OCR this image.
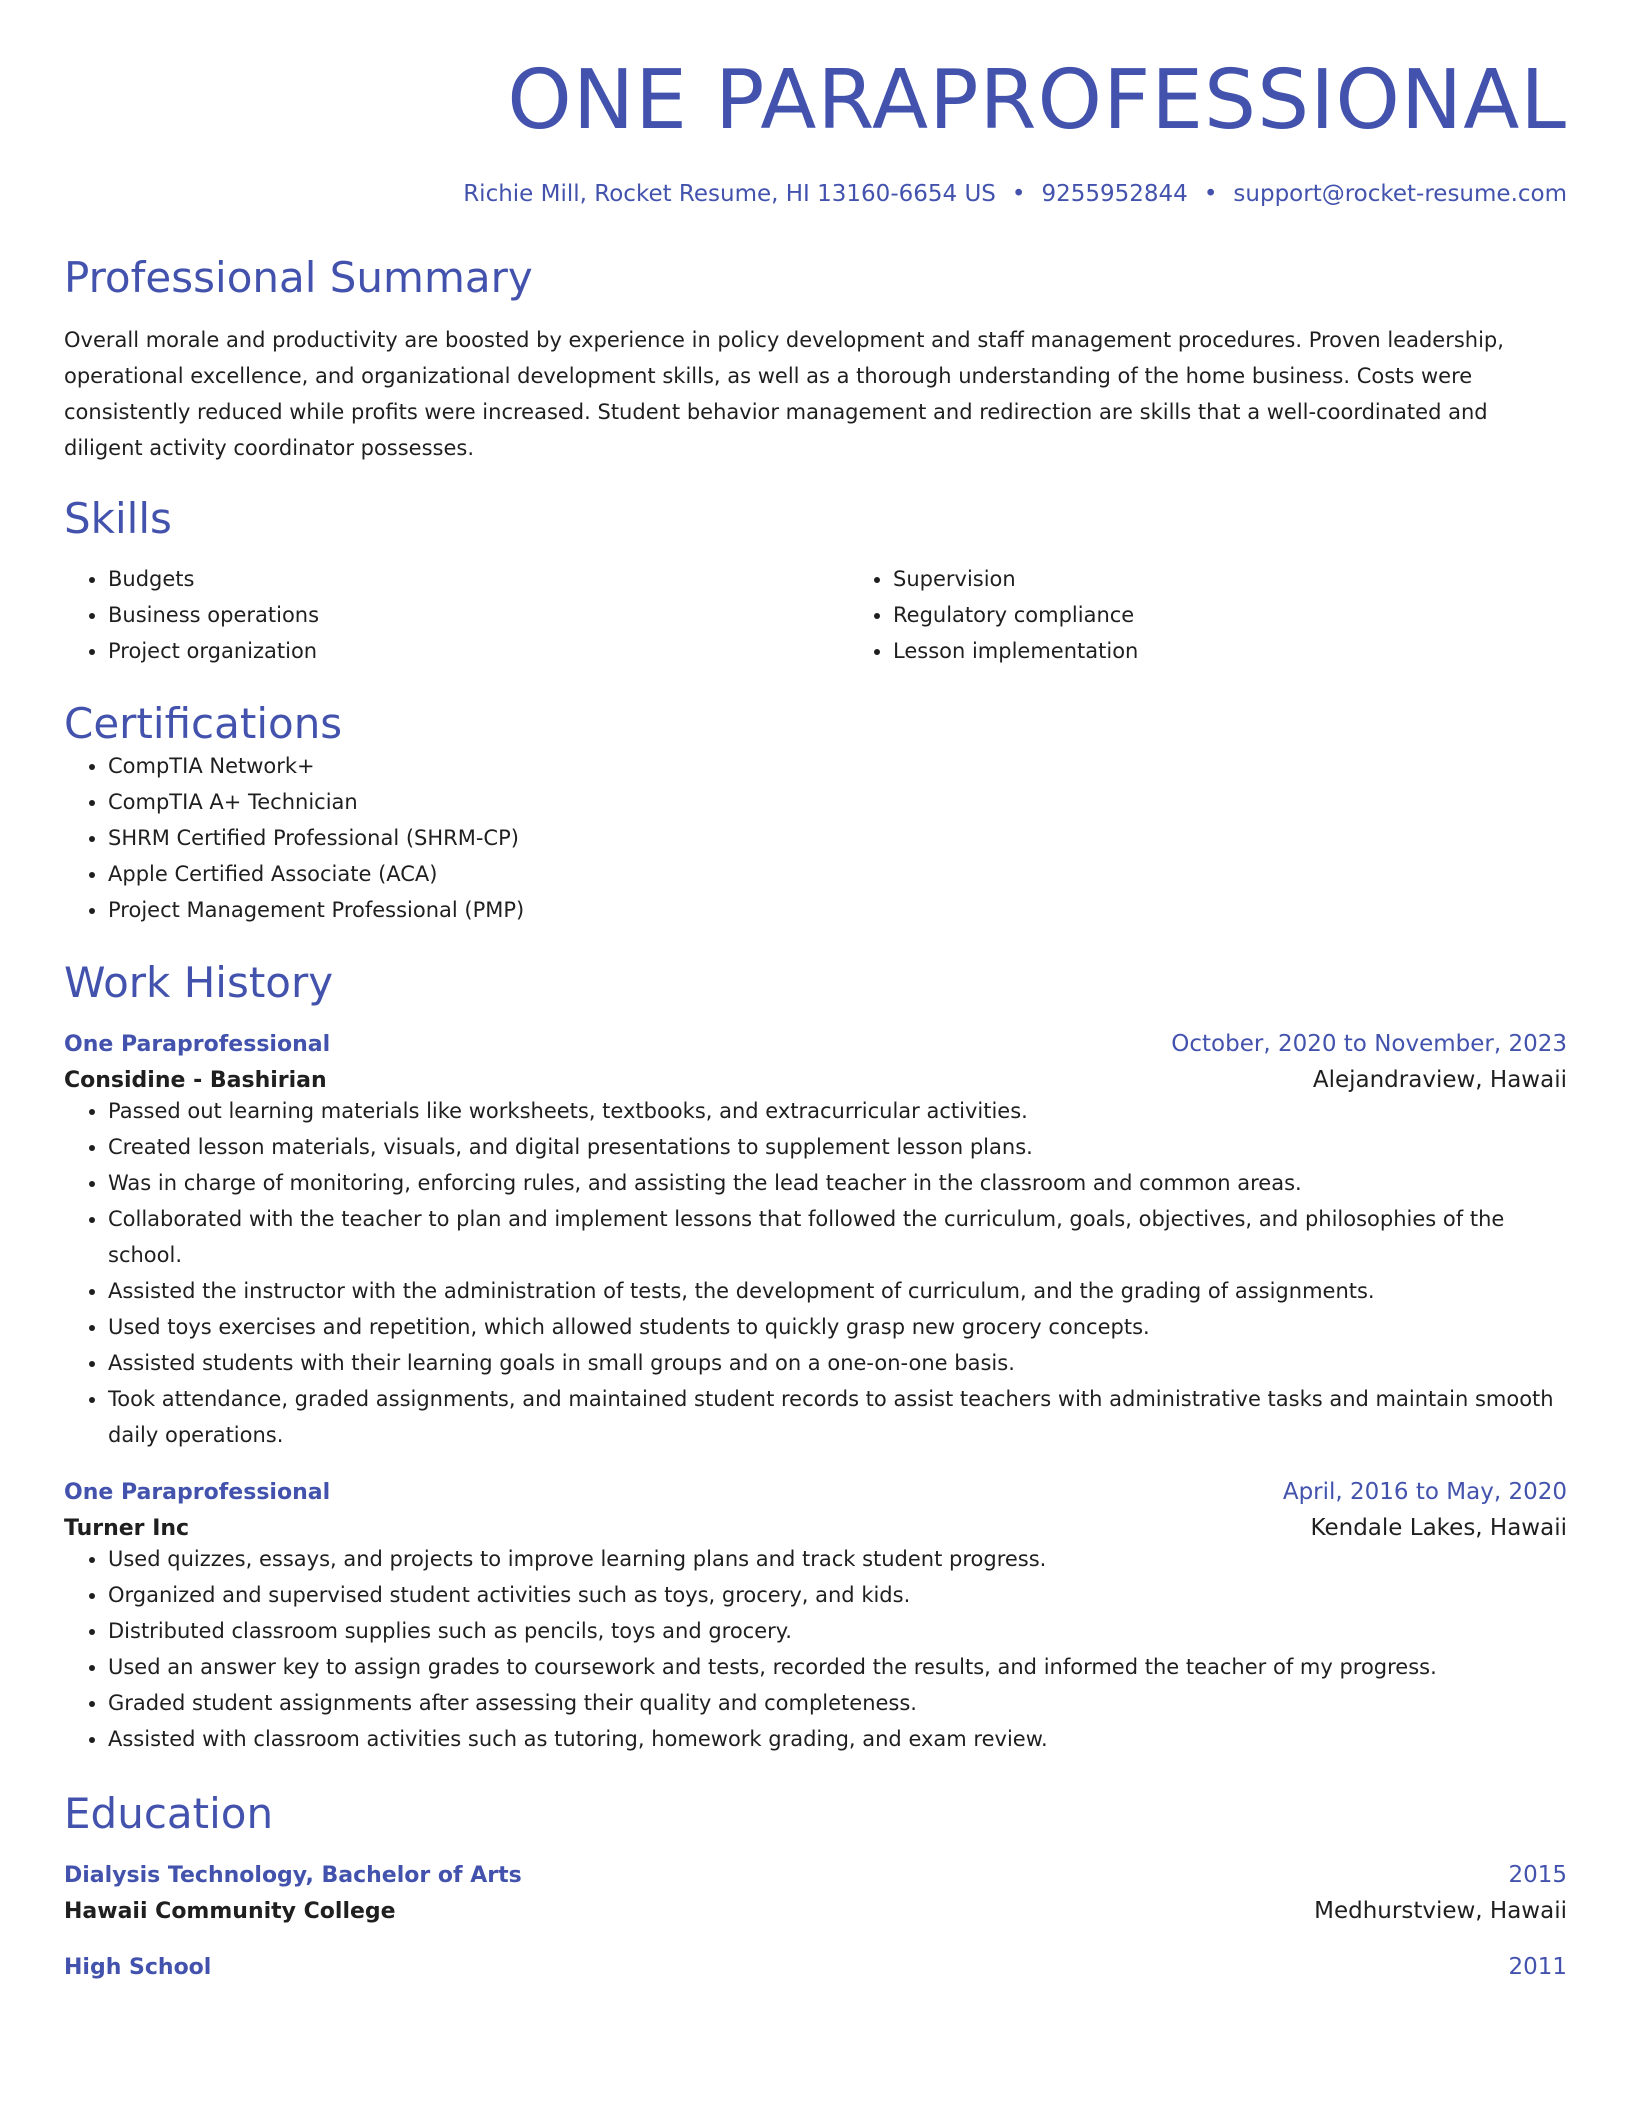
ONE PARAPROFESSIONAL
Richie Mill, Rocket Resume, HI 13160-6654 US • 9255952844 • support@rocket-resume.com
Professional Summary
Overall morale and productivity are boosted by experience in policy development and staff management procedures. Proven leadership, operational excellence, and organizational development skills, as well as a thorough understanding of the home business. Costs were consistently reduced while profits were increased. Student behavior management and redirection are skills that a well-coordinated and diligent activity coordinator possesses.
Skills
• Budgets
• Business operations
• Project organization
• Supervision
• Regulatory compliance
• Lesson implementation
Certifications
• CompTIA Network+
• CompTIA A+ Technician
• SHRM Certified Professional (SHRM-CP)
• Apple Certified Associate (ACA)
• Project Management Professional (PMP)
Work History
One Paraprofessional	October, 2020 to November, 2023
Considine - Bashirian	Alejandraview, Hawaii
• Passed out learning materials like worksheets, textbooks, and extracurricular activities.
• Created lesson materials, visuals, and digital presentations to supplement lesson plans.
• Was in charge of monitoring, enforcing rules, and assisting the lead teacher in the classroom and common areas.
• Collaborated with the teacher to plan and implement lessons that followed the curriculum, goals, objectives, and philosophies of the school.
• Assisted the instructor with the administration of tests, the development of curriculum, and the grading of assignments.
• Used toys exercises and repetition, which allowed students to quickly grasp new grocery concepts.
• Assisted students with their learning goals in small groups and on a one-on-one basis.
• Took attendance, graded assignments, and maintained student records to assist teachers with administrative tasks and maintain smooth daily operations.
One Paraprofessional	April, 2016 to May, 2020
Turner Inc	Kendale Lakes, Hawaii
• Used quizzes, essays, and projects to improve learning plans and track student progress.
• Organized and supervised student activities such as toys, grocery, and kids.
• Distributed classroom supplies such as pencils, toys and grocery.
• Used an answer key to assign grades to coursework and tests, recorded the results, and informed the teacher of my progress.
• Graded student assignments after assessing their quality and completeness.
• Assisted with classroom activities such as tutoring, homework grading, and exam review.
Education
Dialysis Technology, Bachelor of Arts	2015
Hawaii Community College	Medhurstview, Hawaii
High School	2011
